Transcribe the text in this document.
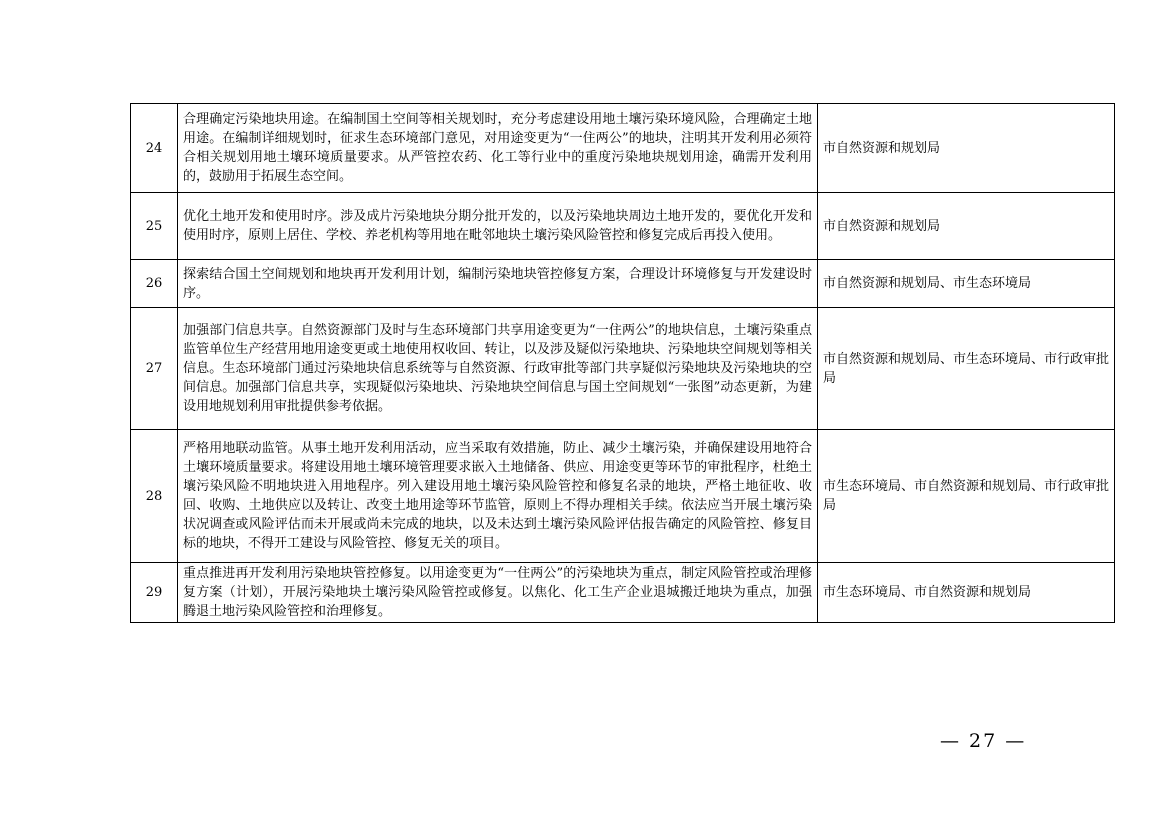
24	合理确定污染地块用途。在编制国土空间等相关规划时，充分考虑建设用地土壤污染环境风险，合理确定土地用途。在编制详细规划时，征求生态环境部门意见，对用途变更为“一住两公”的地块，注明其开发利用必须符合相关规划用地土壤环境质量要求。从严管控农药、化工等行业中的重度污染地块规划用途，确需开发利用的，鼓励用于拓展生态空间。	市自然资源和规划局
25	优化土地开发和使用时序。涉及成片污染地块分期分批开发的，以及污染地块周边土地开发的，要优化开发和使用时序，原则上居住、学校、养老机构等用地在毗邻地块土壤污染风险管控和修复完成后再投入使用。	市自然资源和规划局
26	探索结合国土空间规划和地块再开发利用计划，编制污染地块管控修复方案，合理设计环境修复与开发建设时序。	市自然资源和规划局、市生态环境局
27	加强部门信息共享。自然资源部门及时与生态环境部门共享用途变更为“一住两公”的地块信息，土壤污染重点监管单位生产经营用地用途变更或土地使用权收回、转让，以及涉及疑似污染地块、污染地块空间规划等相关信息。生态环境部门通过污染地块信息系统等与自然资源、行政审批等部门共享疑似污染地块及污染地块的空间信息。加强部门信息共享，实现疑似污染地块、污染地块空间信息与国土空间规划“一张图”动态更新，为建设用地规划利用审批提供参考依据。	市自然资源和规划局、市生态环境局、市行政审批局
28	严格用地联动监管。从事土地开发利用活动，应当采取有效措施，防止、减少土壤污染，并确保建设用地符合土壤环境质量要求。将建设用地土壤环境管理要求嵌入土地储备、供应、用途变更等环节的审批程序，杜绝土壤污染风险不明地块进入用地程序。列入建设用地土壤污染风险管控和修复名录的地块，严格土地征收、收回、收购、土地供应以及转让、改变土地用途等环节监管，原则上不得办理相关手续。依法应当开展土壤污染状况调查或风险评估而未开展或尚未完成的地块，以及未达到土壤污染风险评估报告确定的风险管控、修复目标的地块，不得开工建设与风险管控、修复无关的项目。	市生态环境局、市自然资源和规划局、市行政审批局
29	重点推进再开发利用污染地块管控修复。以用途变更为“一住两公”的污染地块为重点，制定风险管控或治理修复方案（计划），开展污染地块土壤污染风险管控或修复。以焦化、化工生产企业退城搬迁地块为重点，加强腾退土地污染风险管控和治理修复。	市生态环境局、市自然资源和规划局
— 27 —
